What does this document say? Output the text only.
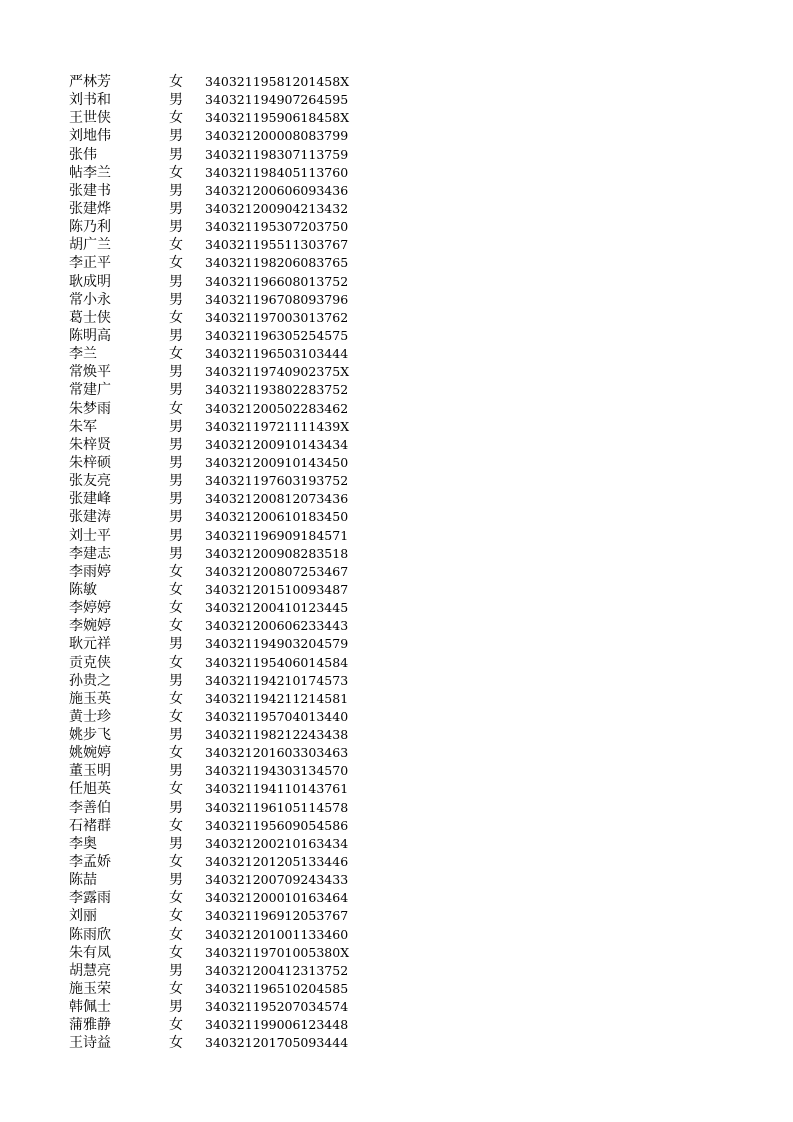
严林芳	女	34032119581201458X
刘书和	男	340321194907264595
王世侠	女	34032119590618458X
刘地伟	男	340321200008083799
张伟	男	340321198307113759
帖李兰	女	340321198405113760
张建书	男	340321200606093436
张建烨	男	340321200904213432
陈乃利	男	340321195307203750
胡广兰	女	340321195511303767
李正平	女	340321198206083765
耿成明	男	340321196608013752
常小永	男	340321196708093796
葛士侠	女	340321197003013762
陈明高	男	340321196305254575
李兰	女	340321196503103444
常焕平	男	34032119740902375X
常建广	男	340321193802283752
朱梦雨	女	340321200502283462
朱军	男	34032119721111439X
朱梓贤	男	340321200910143434
朱梓硕	男	340321200910143450
张友亮	男	340321197603193752
张建峰	男	340321200812073436
张建涛	男	340321200610183450
刘士平	男	340321196909184571
李建志	男	340321200908283518
李雨婷	女	340321200807253467
陈敏	女	340321201510093487
李婷婷	女	340321200410123445
李婉婷	女	340321200606233443
耿元祥	男	340321194903204579
贡克侠	女	340321195406014584
孙贵之	男	340321194210174573
施玉英	女	340321194211214581
黄士珍	女	340321195704013440
姚步飞	男	340321198212243438
姚婉婷	女	340321201603303463
董玉明	男	340321194303134570
任旭英	女	340321194110143761
李善伯	男	340321196105114578
石褚群	女	340321195609054586
李奥	男	340321200210163434
李孟娇	女	340321201205133446
陈喆	男	340321200709243433
李露雨	女	340321200010163464
刘丽	女	340321196912053767
陈雨欣	女	340321201001133460
朱有凤	女	34032119701005380X
胡慧亮	男	340321200412313752
施玉荣	女	340321196510204585
韩佩士	男	340321195207034574
蒲雅静	女	340321199006123448
王诗益	女	340321201705093444
